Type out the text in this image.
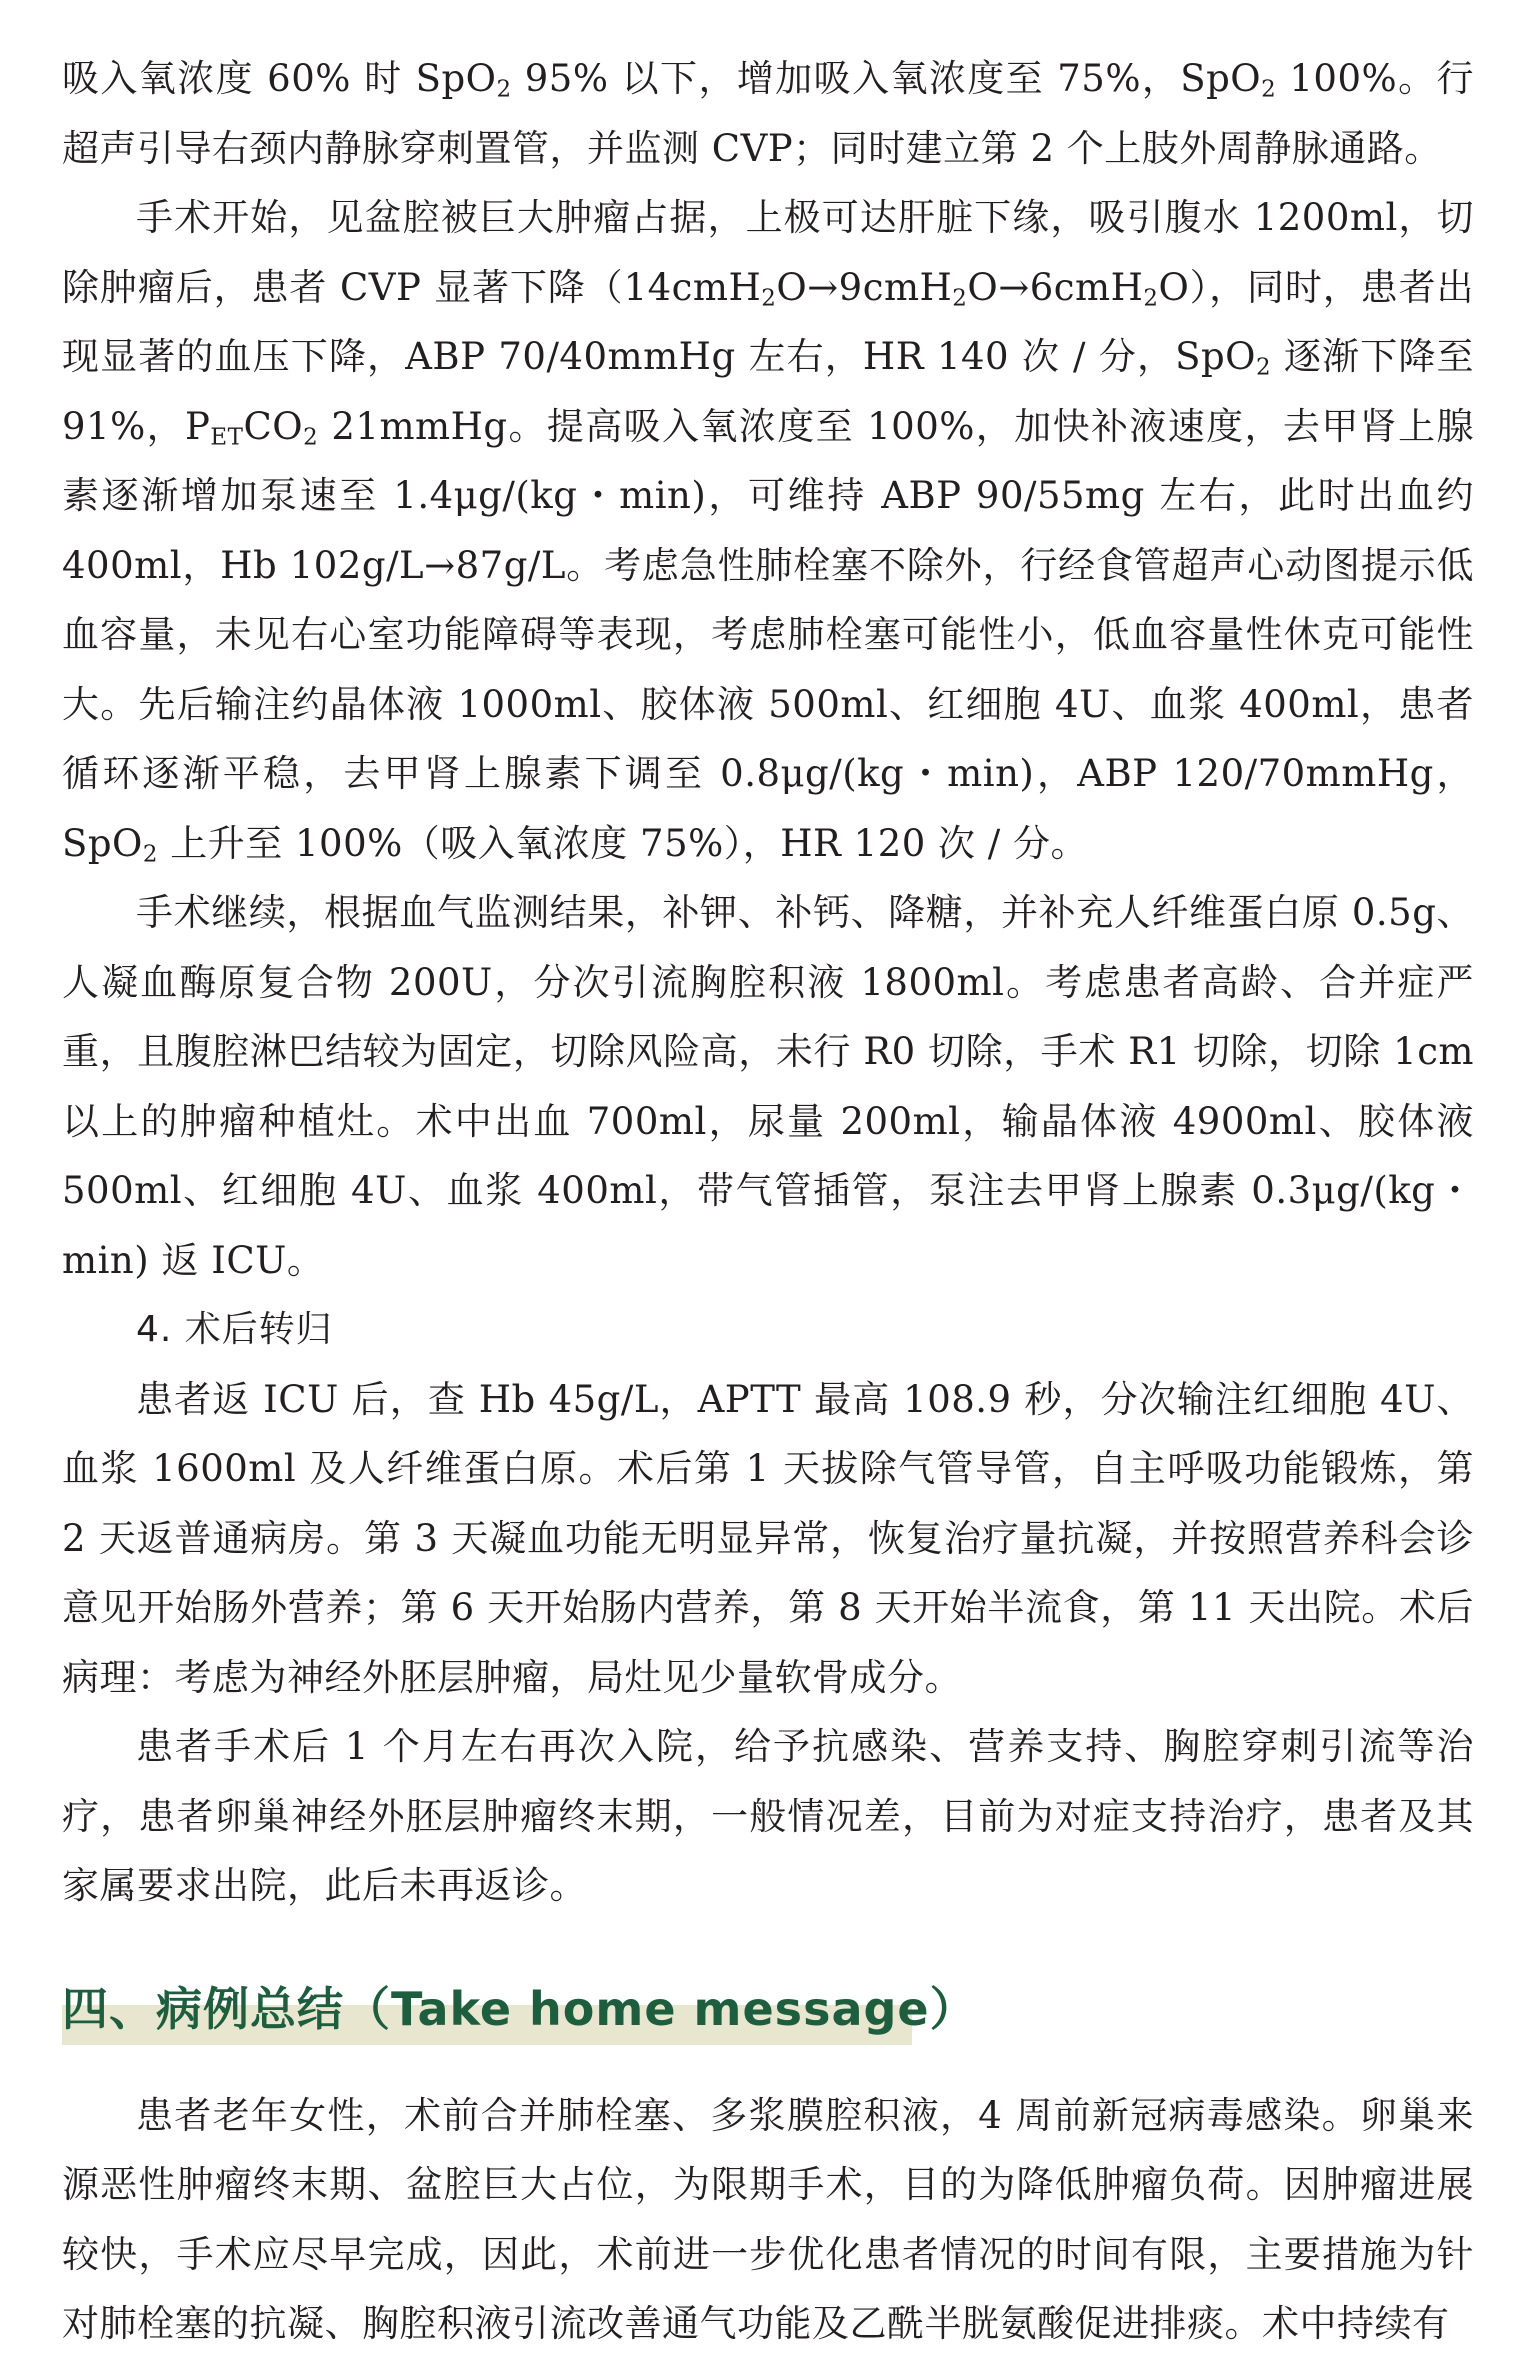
吸入氧浓度 60% 时 SpO$_2$ 95% 以下，增加吸入氧浓度至 75%，SpO$_2$ 100%。行超声引导右颈内静脉穿刺置管，并监测 CVP；同时建立第 2 个上肢外周静脉通路。

手术开始，见盆腔被巨大肿瘤占据，上极可达肝脏下缘，吸引腹水 1200ml，切除肿瘤后，患者 CVP 显著下降（14cmH$_2$O→9cmH$_2$O→6cmH$_2$O），同时，患者出现显著的血压下降，ABP 70/40mmHg 左右，HR 140 次 / 分，SpO$_2$ 逐渐下降至 91%，$P_{ET}CO_2$ 21mmHg。提高吸入氧浓度至 100%，加快补液速度，去甲肾上腺素逐渐增加泵速至 1.4μg/(kg・min)，可维持 ABP 90/55mg 左右，此时出血约 400ml，Hb 102g/L→87g/L。考虑急性肺栓塞不除外，行经食管超声心动图提示低血容量，未见右心室功能障碍等表现，考虑肺栓塞可能性小，低血容量性休克可能性大。先后输注约晶体液 1000ml、胶体液 500ml、红细胞 4U、血浆 400ml，患者循环逐渐平稳，去甲肾上腺素下调至 0.8μg/(kg・min)，ABP 120/70mmHg，SpO$_2$ 上升至 100%（吸入氧浓度 75%），HR 120 次 / 分。

手术继续，根据血气监测结果，补钾、补钙、降糖，并补充人纤维蛋白原 0.5g、人凝血酶原复合物 200U，分次引流胸腔积液 1800ml。考虑患者高龄、合并症严重，且腹腔淋巴结较为固定，切除风险高，未行 R0 切除，手术 R1 切除，切除 1cm 以上的肿瘤种植灶。术中出血 700ml，尿量 200ml，输晶体液 4900ml、胶体液 500ml、红细胞 4U、血浆 400ml，带气管插管，泵注去甲肾上腺素 0.3μg/(kg・min) 返 ICU。

4. 术后转归

患者返 ICU 后，查 Hb 45g/L，APTT 最高 108.9 秒，分次输注红细胞 4U、血浆 1600ml 及人纤维蛋白原。术后第 1 天拔除气管导管，自主呼吸功能锻炼，第 2 天返普通病房。第 3 天凝血功能无明显异常，恢复治疗量抗凝，并按照营养科会诊意见开始肠外营养；第 6 天开始肠内营养，第 8 天开始半流食，第 11 天出院。术后病理：考虑为神经外胚层肿瘤，局灶见少量软骨成分。

患者手术后 1 个月左右再次入院，给予抗感染、营养支持、胸腔穿刺引流等治疗，患者卵巢神经外胚层肿瘤终末期，一般情况差，目前为对症支持治疗，患者及其家属要求出院，此后未再返诊。

四、病例总结（Take home message）

患者老年女性，术前合并肺栓塞、多浆膜腔积液，4 周前新冠病毒感染。卵巢来源恶性肿瘤终末期、盆腔巨大占位，为限期手术，目的为降低肿瘤负荷。因肿瘤进展较快，手术应尽早完成，因此，术前进一步优化患者情况的时间有限，主要措施为针对肺栓塞的抗凝、胸腔积液引流改善通气功能及乙酰半胱氨酸促进排痰。术中持续有
